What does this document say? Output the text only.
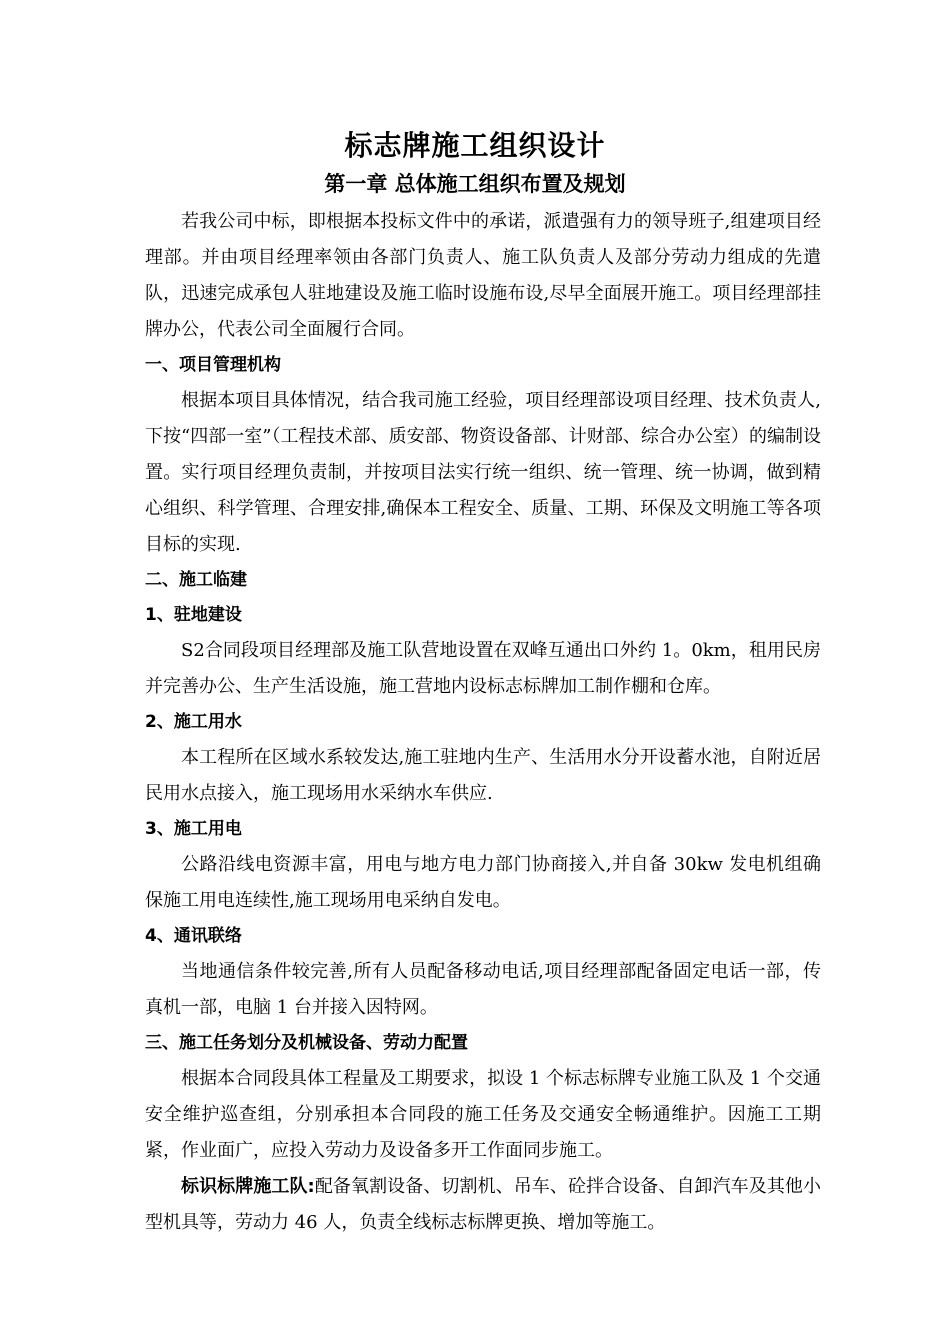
标志牌施工组织设计
第一章 总体施工组织布置及规划

若我公司中标，即根据本投标文件中的承诺，派遣强有力的领导班子,组建项目经理部。并由项目经理率领由各部门负责人、施工队负责人及部分劳动力组成的先遣队，迅速完成承包人驻地建设及施工临时设施布设,尽早全面展开施工。项目经理部挂牌办公，代表公司全面履行合同。

一、项目管理机构

根据本项目具体情况，结合我司施工经验，项目经理部设项目经理、技术负责人,下按“四部一室”（工程技术部、质安部、物资设备部、计财部、综合办公室）的编制设置。实行项目经理负责制，并按项目法实行统一组织、统一管理、统一协调，做到精心组织、科学管理、合理安排,确保本工程安全、质量、工期、环保及文明施工等各项目标的实现.

二、施工临建
1、驻地建设

S2合同段项目经理部及施工队营地设置在双峰互通出口外约 1。0km，租用民房并完善办公、生产生活设施，施工营地内设标志标牌加工制作棚和仓库。

2、施工用水

本工程所在区域水系较发达,施工驻地内生产、生活用水分开设蓄水池，自附近居民用水点接入，施工现场用水采纳水车供应.

3、施工用电

公路沿线电资源丰富，用电与地方电力部门协商接入,并自备 30kw 发电机组确保施工用电连续性,施工现场用电采纳自发电。

4、通讯联络

当地通信条件较完善,所有人员配备移动电话,项目经理部配备固定电话一部，传真机一部，电脑 1 台并接入因特网。

三、施工任务划分及机械设备、劳动力配置

根据本合同段具体工程量及工期要求，拟设 1 个标志标牌专业施工队及 1 个交通安全维护巡查组，分别承担本合同段的施工任务及交通安全畅通维护。因施工工期紧，作业面广，应投入劳动力及设备多开工作面同步施工。

标识标牌施工队:配备氧割设备、切割机、吊车、砼拌合设备、自卸汽车及其他小型机具等，劳动力 46 人，负责全线标志标牌更换、增加等施工。
